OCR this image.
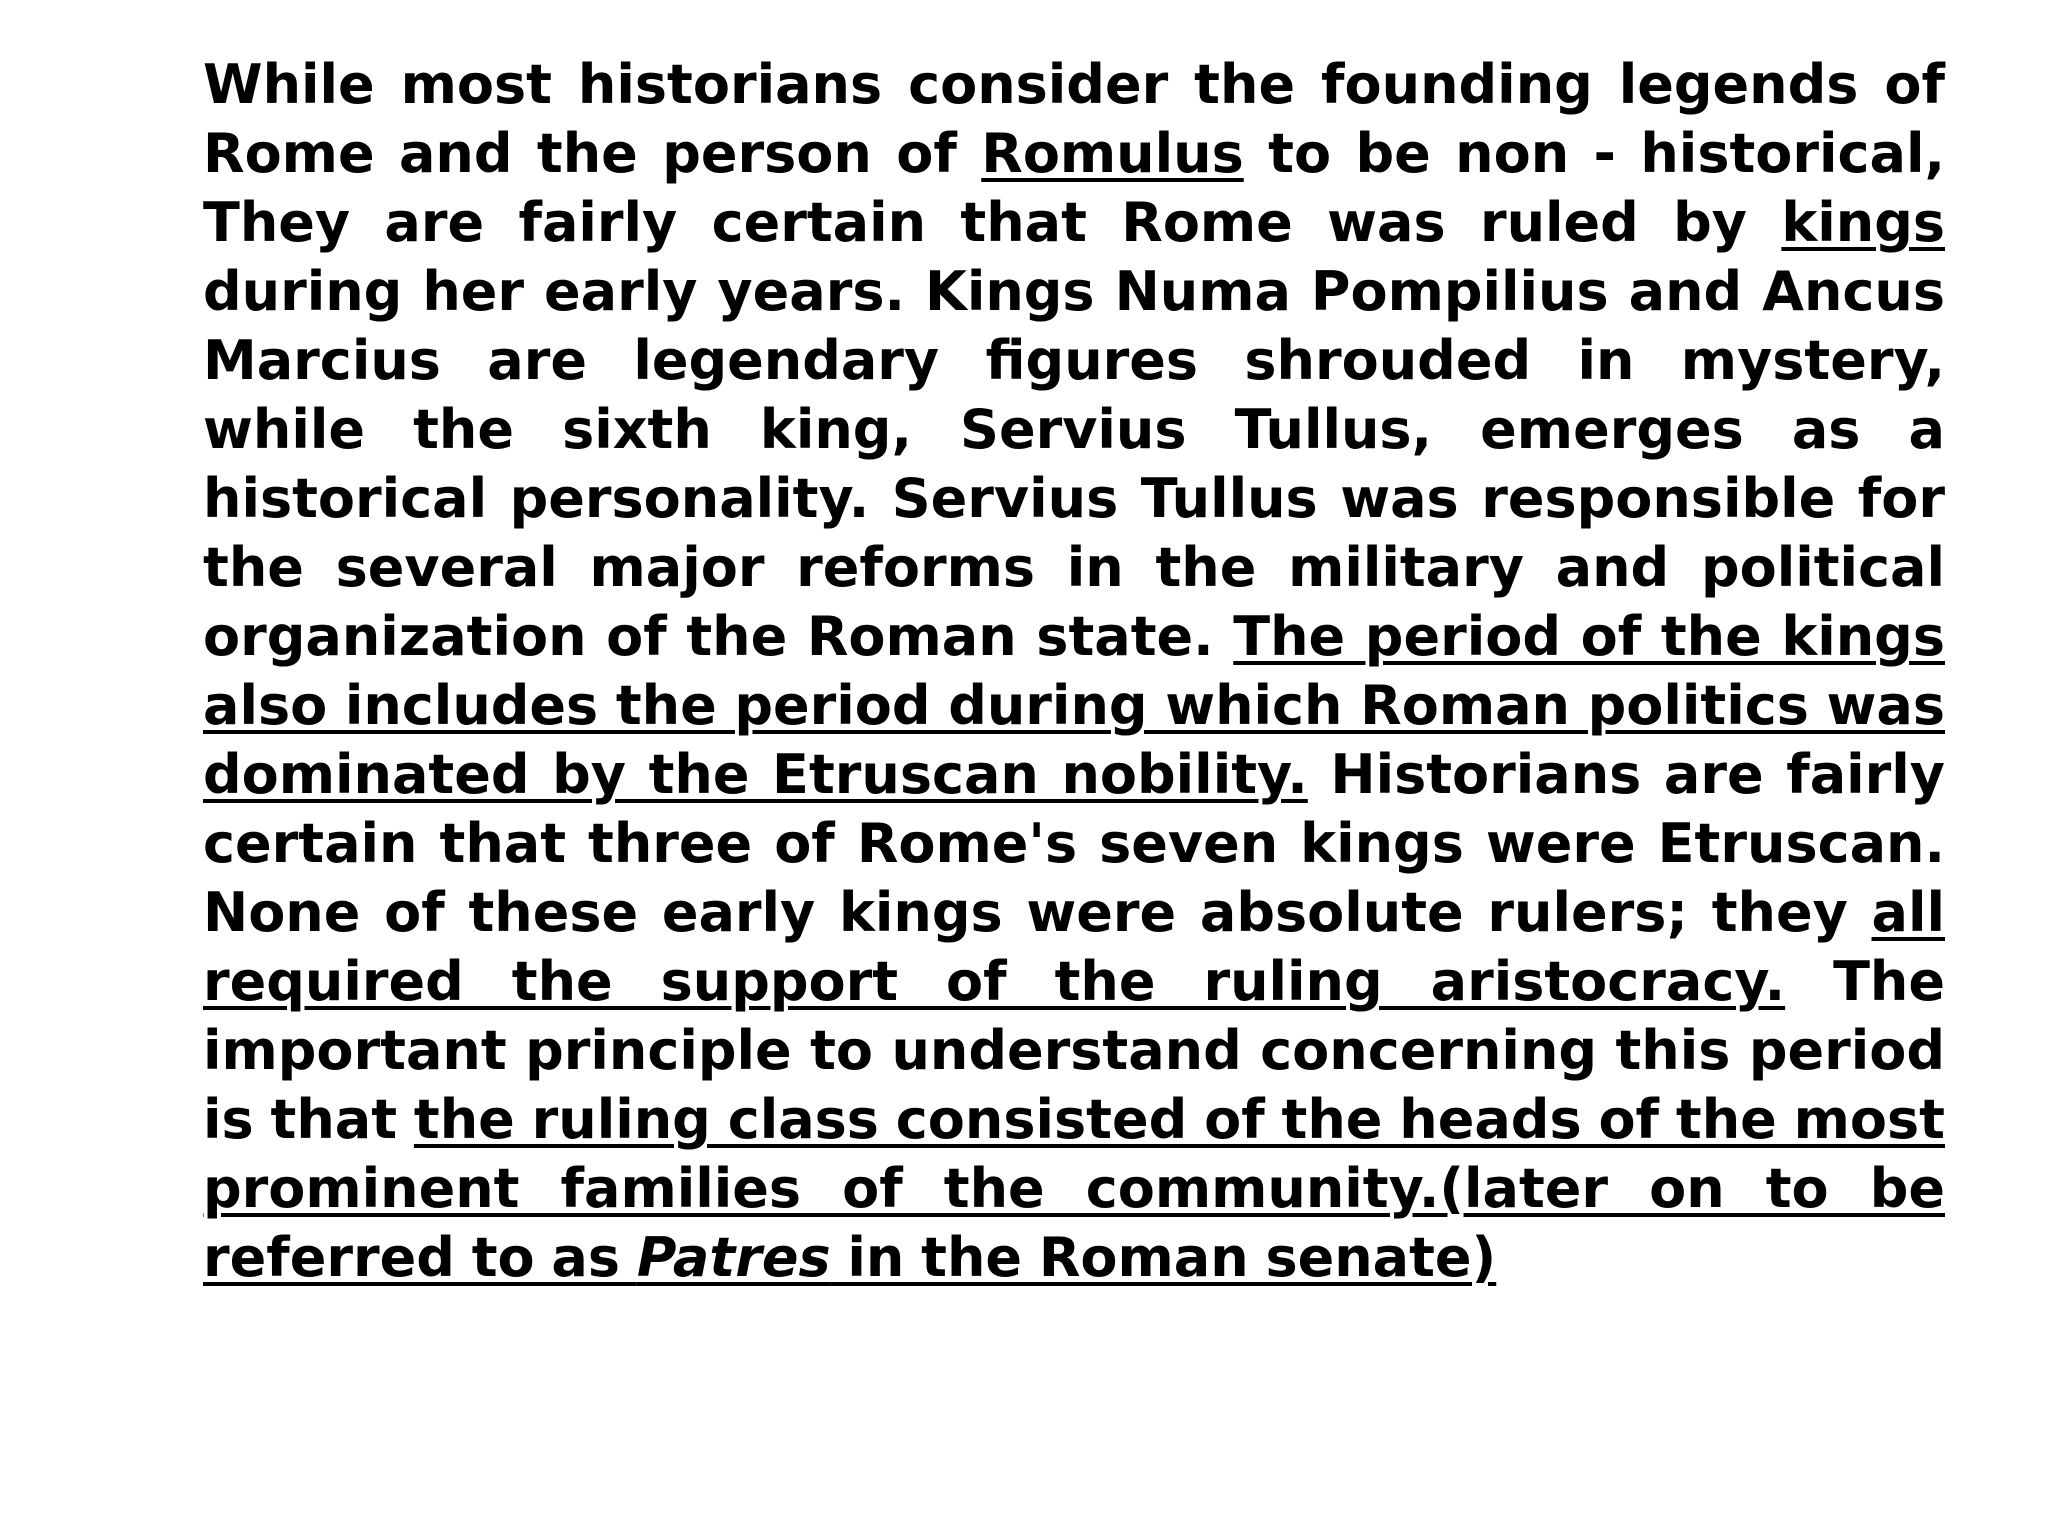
While most historians consider the founding legends of Rome and the person of Romulus to be non - historical, They are fairly certain that Rome was ruled by kings during her early years. Kings Numa Pompilius and Ancus Marcius are legendary figures shrouded in mystery, while the sixth king, Servius Tullus, emerges as a historical personality. Servius Tullus was responsible for the several major reforms in the military and political organization of the Roman state. The period of the kings also includes the period during which Roman politics was dominated by the Etruscan nobility. Historians are fairly certain that three of Rome's seven kings were Etruscan. None of these early kings were absolute rulers; they all required the support of the ruling aristocracy. The important principle to understand concerning this period is that the ruling class consisted of the heads of the most prominent families of the community.(later on to be referred to as Patres in the Roman senate)
